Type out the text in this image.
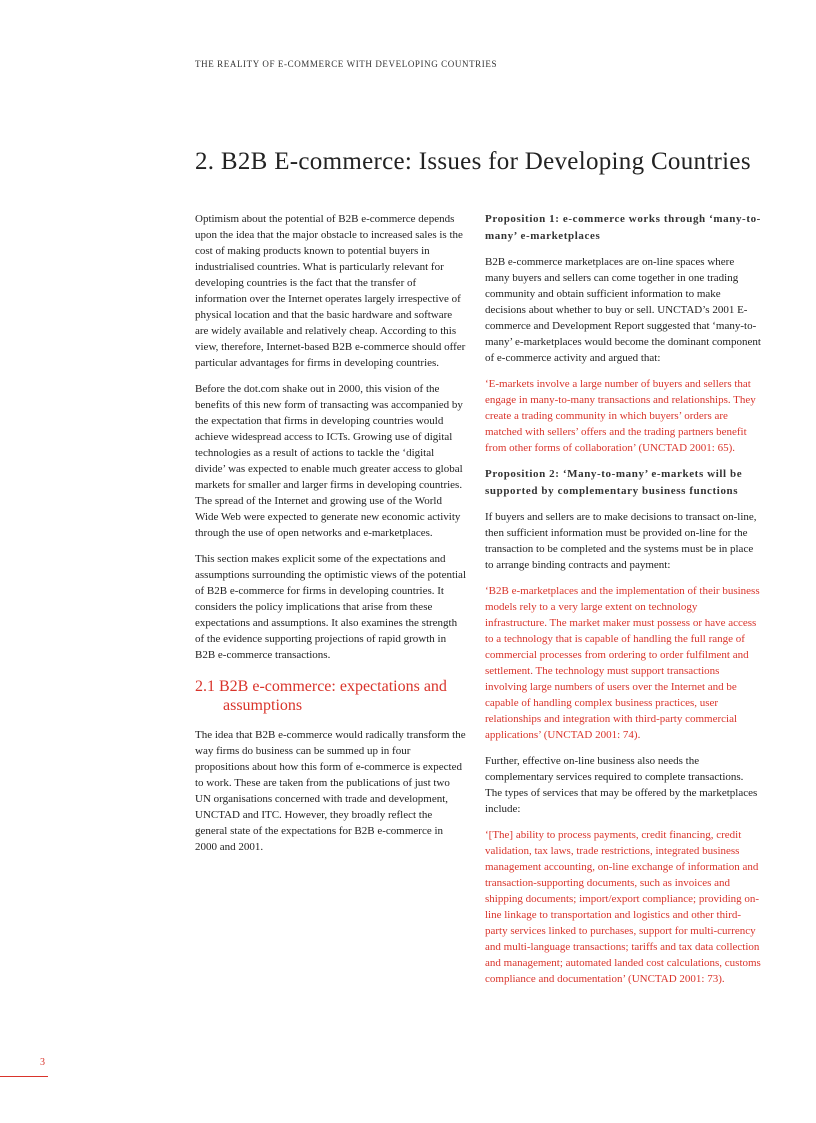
THE REALITY OF E-COMMERCE WITH DEVELOPING COUNTRIES
2. B2B E-commerce: Issues for Developing Countries

Optimism about the potential of B2B e-commerce depends upon the idea that the major obstacle to increased sales is the cost of making products known to potential buyers in industrialised countries. What is particularly relevant for developing countries is the fact that the transfer of information over the Internet operates largely irrespective of physical location and that the basic hardware and software are widely available and relatively cheap. According to this view, therefore, Internet-based B2B e-commerce should offer particular advantages for firms in developing countries.

Before the dot.com shake out in 2000, this vision of the benefits of this new form of transacting was accompanied by the expectation that firms in developing countries would achieve widespread access to ICTs. Growing use of digital technologies as a result of actions to tackle the ‘digital divide’ was expected to enable much greater access to global markets for smaller and larger firms in developing countries. The spread of the Internet and growing use of the World Wide Web were expected to generate new economic activity through the use of open networks and e-marketplaces.

This section makes explicit some of the expectations and assumptions surrounding the optimistic views of the potential of B2B e-commerce for firms in developing countries. It considers the policy implications that arise from these expectations and assumptions. It also examines the strength of the evidence supporting projections of rapid growth in B2B e-commerce transactions.

2.1 B2B e-commerce: expectations and assumptions

The idea that B2B e-commerce would radically transform the way firms do business can be summed up in four propositions about how this form of e-commerce is expected to work. These are taken from the publications of just two UN organisations concerned with trade and development, UNCTAD and ITC. However, they broadly reflect the general state of the expectations for B2B e-commerce in 2000 and 2001.

Proposition 1: e-commerce works through ‘many-to-many’ e-marketplaces

B2B e-commerce marketplaces are on-line spaces where many buyers and sellers can come together in one trading community and obtain sufficient information to make decisions about whether to buy or sell. UNCTAD’s 2001 E-commerce and Development Report suggested that ‘many-to-many’ e-marketplaces would become the dominant component of e-commerce activity and argued that:

‘E-markets involve a large number of buyers and sellers that engage in many-to-many transactions and relationships. They create a trading community in which buyers’ orders are matched with sellers’ offers and the trading partners benefit from other forms of collaboration’ (UNCTAD 2001: 65).

Proposition 2: ‘Many-to-many’ e-markets will be supported by complementary business functions

If buyers and sellers are to make decisions to transact on-line, then sufficient information must be provided on-line for the transaction to be completed and the systems must be in place to arrange binding contracts and payment:

‘B2B e-marketplaces and the implementation of their business models rely to a very large extent on technology infrastructure. The market maker must possess or have access to a technology that is capable of handling the full range of commercial processes from ordering to order fulfilment and settlement. The technology must support transactions involving large numbers of users over the Internet and be capable of handling complex business practices, user relationships and integration with third-party commercial applications’ (UNCTAD 2001: 74).

Further, effective on-line business also needs the complementary services required to complete transactions. The types of services that may be offered by the marketplaces include:

‘[The] ability to process payments, credit financing, credit validation, tax laws, trade restrictions, integrated business management accounting, on-line exchange of information and transaction-supporting documents, such as invoices and shipping documents; import/export compliance; providing on-line linkage to transportation and logistics and other third-party services linked to purchases, support for multi-currency and multi-language transactions; tariffs and tax data collection and management; automated landed cost calculations, customs compliance and documentation’ (UNCTAD 2001: 73).

3
